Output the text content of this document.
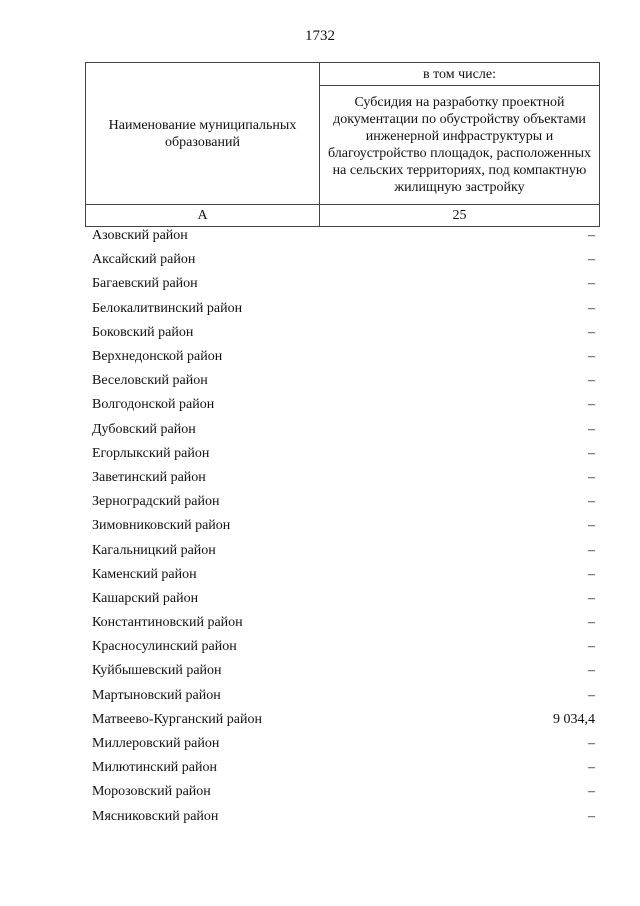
1732
Наименование муниципальных образований	в том числе:
	Субсидия на разработку проектной документации по обустройству объектами инженерной инфраструктуры и благоустройство площадок, расположенных на сельских территориях, под компактную жилищную застройку
А	25
Азовский район	–
Аксайский район	–
Багаевский район	–
Белокалитвинский район	–
Боковский район	–
Верхнедонской район	–
Веселовский район	–
Волгодонской район	–
Дубовский район	–
Егорлыкский район	–
Заветинский район	–
Зерноградский район	–
Зимовниковский район	–
Кагальницкий район	–
Каменский район	–
Кашарский район	–
Константиновский район	–
Красносулинский район	–
Куйбышевский район	–
Мартыновский район	–
Матвеево-Курганский район	9 034,4
Миллеровский район	–
Милютинский район	–
Морозовский район	–
Мясниковский район	–
